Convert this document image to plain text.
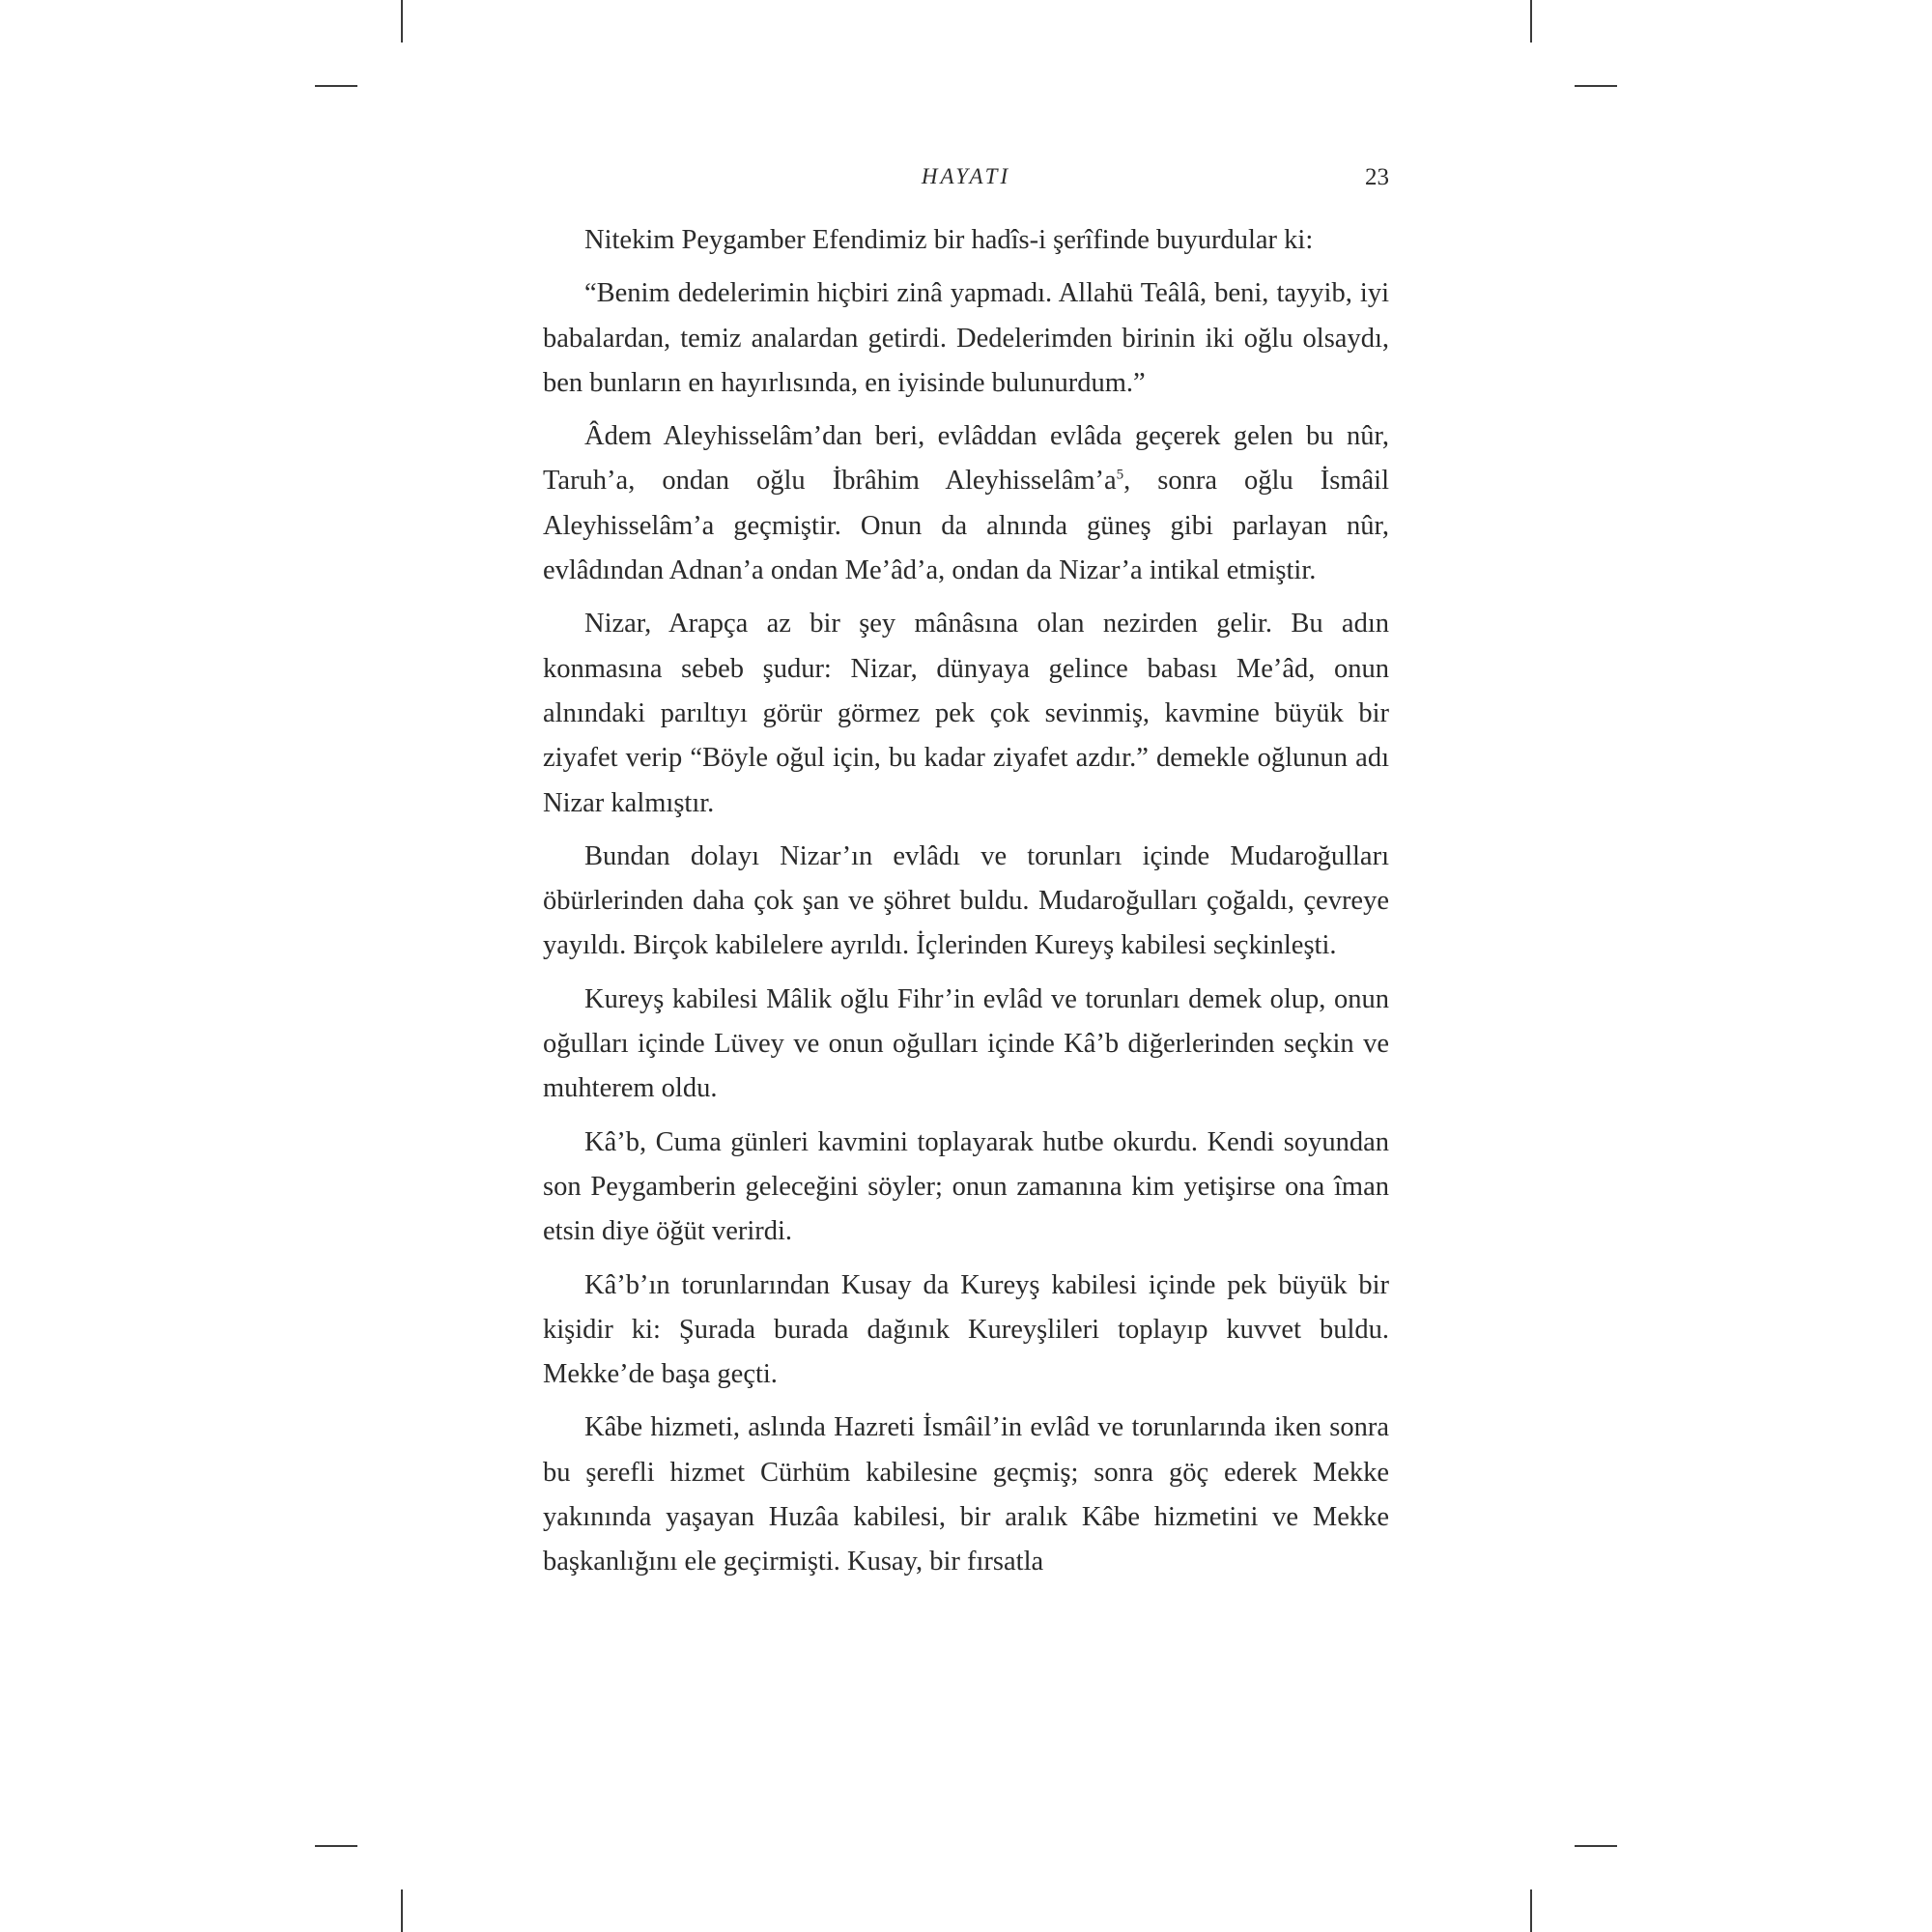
HAYATI	23

Nitekim Peygamber Efendimiz bir hadîs-i şerîfinde buyurdular ki:

“Benim dedelerimin hiçbiri zinâ yapmadı. Allahü Teâlâ, beni, tayyib, iyi babalardan, temiz analardan getirdi. Dedelerimden birinin iki oğlu olsaydı, ben bunların en hayırlısında, en iyisinde bulunurdum.”

Âdem Aleyhisselâm’dan beri, evlâddan evlâda geçerek gelen bu nûr, Taruh’a, ondan oğlu İbrâhim $Aleyhisselâm’a^5$, sonra oğlu İsmâil Aleyhisselâm’a geçmiştir. Onun da alnında güneş gibi parlayan nûr, evlâdından Adnan’a ondan Me’âd’a, ondan da Nizar’a intikal etmiştir.

Nizar, Arapça az bir şey mânâsına olan nezirden gelir. Bu adın konmasına sebeb şudur: Nizar, dünyaya gelince babası Me’âd, onun alnındaki parıltıyı görür görmez pek çok sevinmiş, kavmine büyük bir ziyafet verip “Böyle oğul için, bu kadar ziyafet azdır.” demekle oğlunun adı Nizar kalmıştır.

Bundan dolayı Nizar’ın evlâdı ve torunları içinde Mudaroğulları öbürlerinden daha çok şan ve şöhret buldu. Mudaroğulları çoğaldı, çevreye yayıldı. Birçok kabilelere ayrıldı. İçlerinden Kureyş kabilesi seçkinleşti.

Kureyş kabilesi Mâlik oğlu Fihr’in evlâd ve torunları demek olup, onun oğulları içinde Lüvey ve onun oğulları içinde Kâ’b diğerlerinden seçkin ve muhterem oldu.

Kâ’b, Cuma günleri kavmini toplayarak hutbe okurdu. Kendi soyundan son Peygamberin geleceğini söyler; onun zamanına kim yetişirse ona îman etsin diye öğüt verirdi.

Kâ’b’ın torunlarından Kusay da Kureyş kabilesi içinde pek büyük bir kişidir ki: Şurada burada dağınık Kureyşlileri toplayıp kuvvet buldu. Mekke’de başa geçti.

Kâbe hizmeti, aslında Hazreti İsmâil’in evlâd ve torunlarında iken sonra bu şerefli hizmet Cürhüm kabilesine geçmiş; sonra göç ederek Mekke yakınında yaşayan Huzâa kabilesi, bir aralık Kâbe hizmetini ve Mekke başkanlığını ele geçirmişti. Kusay, bir fırsatla
